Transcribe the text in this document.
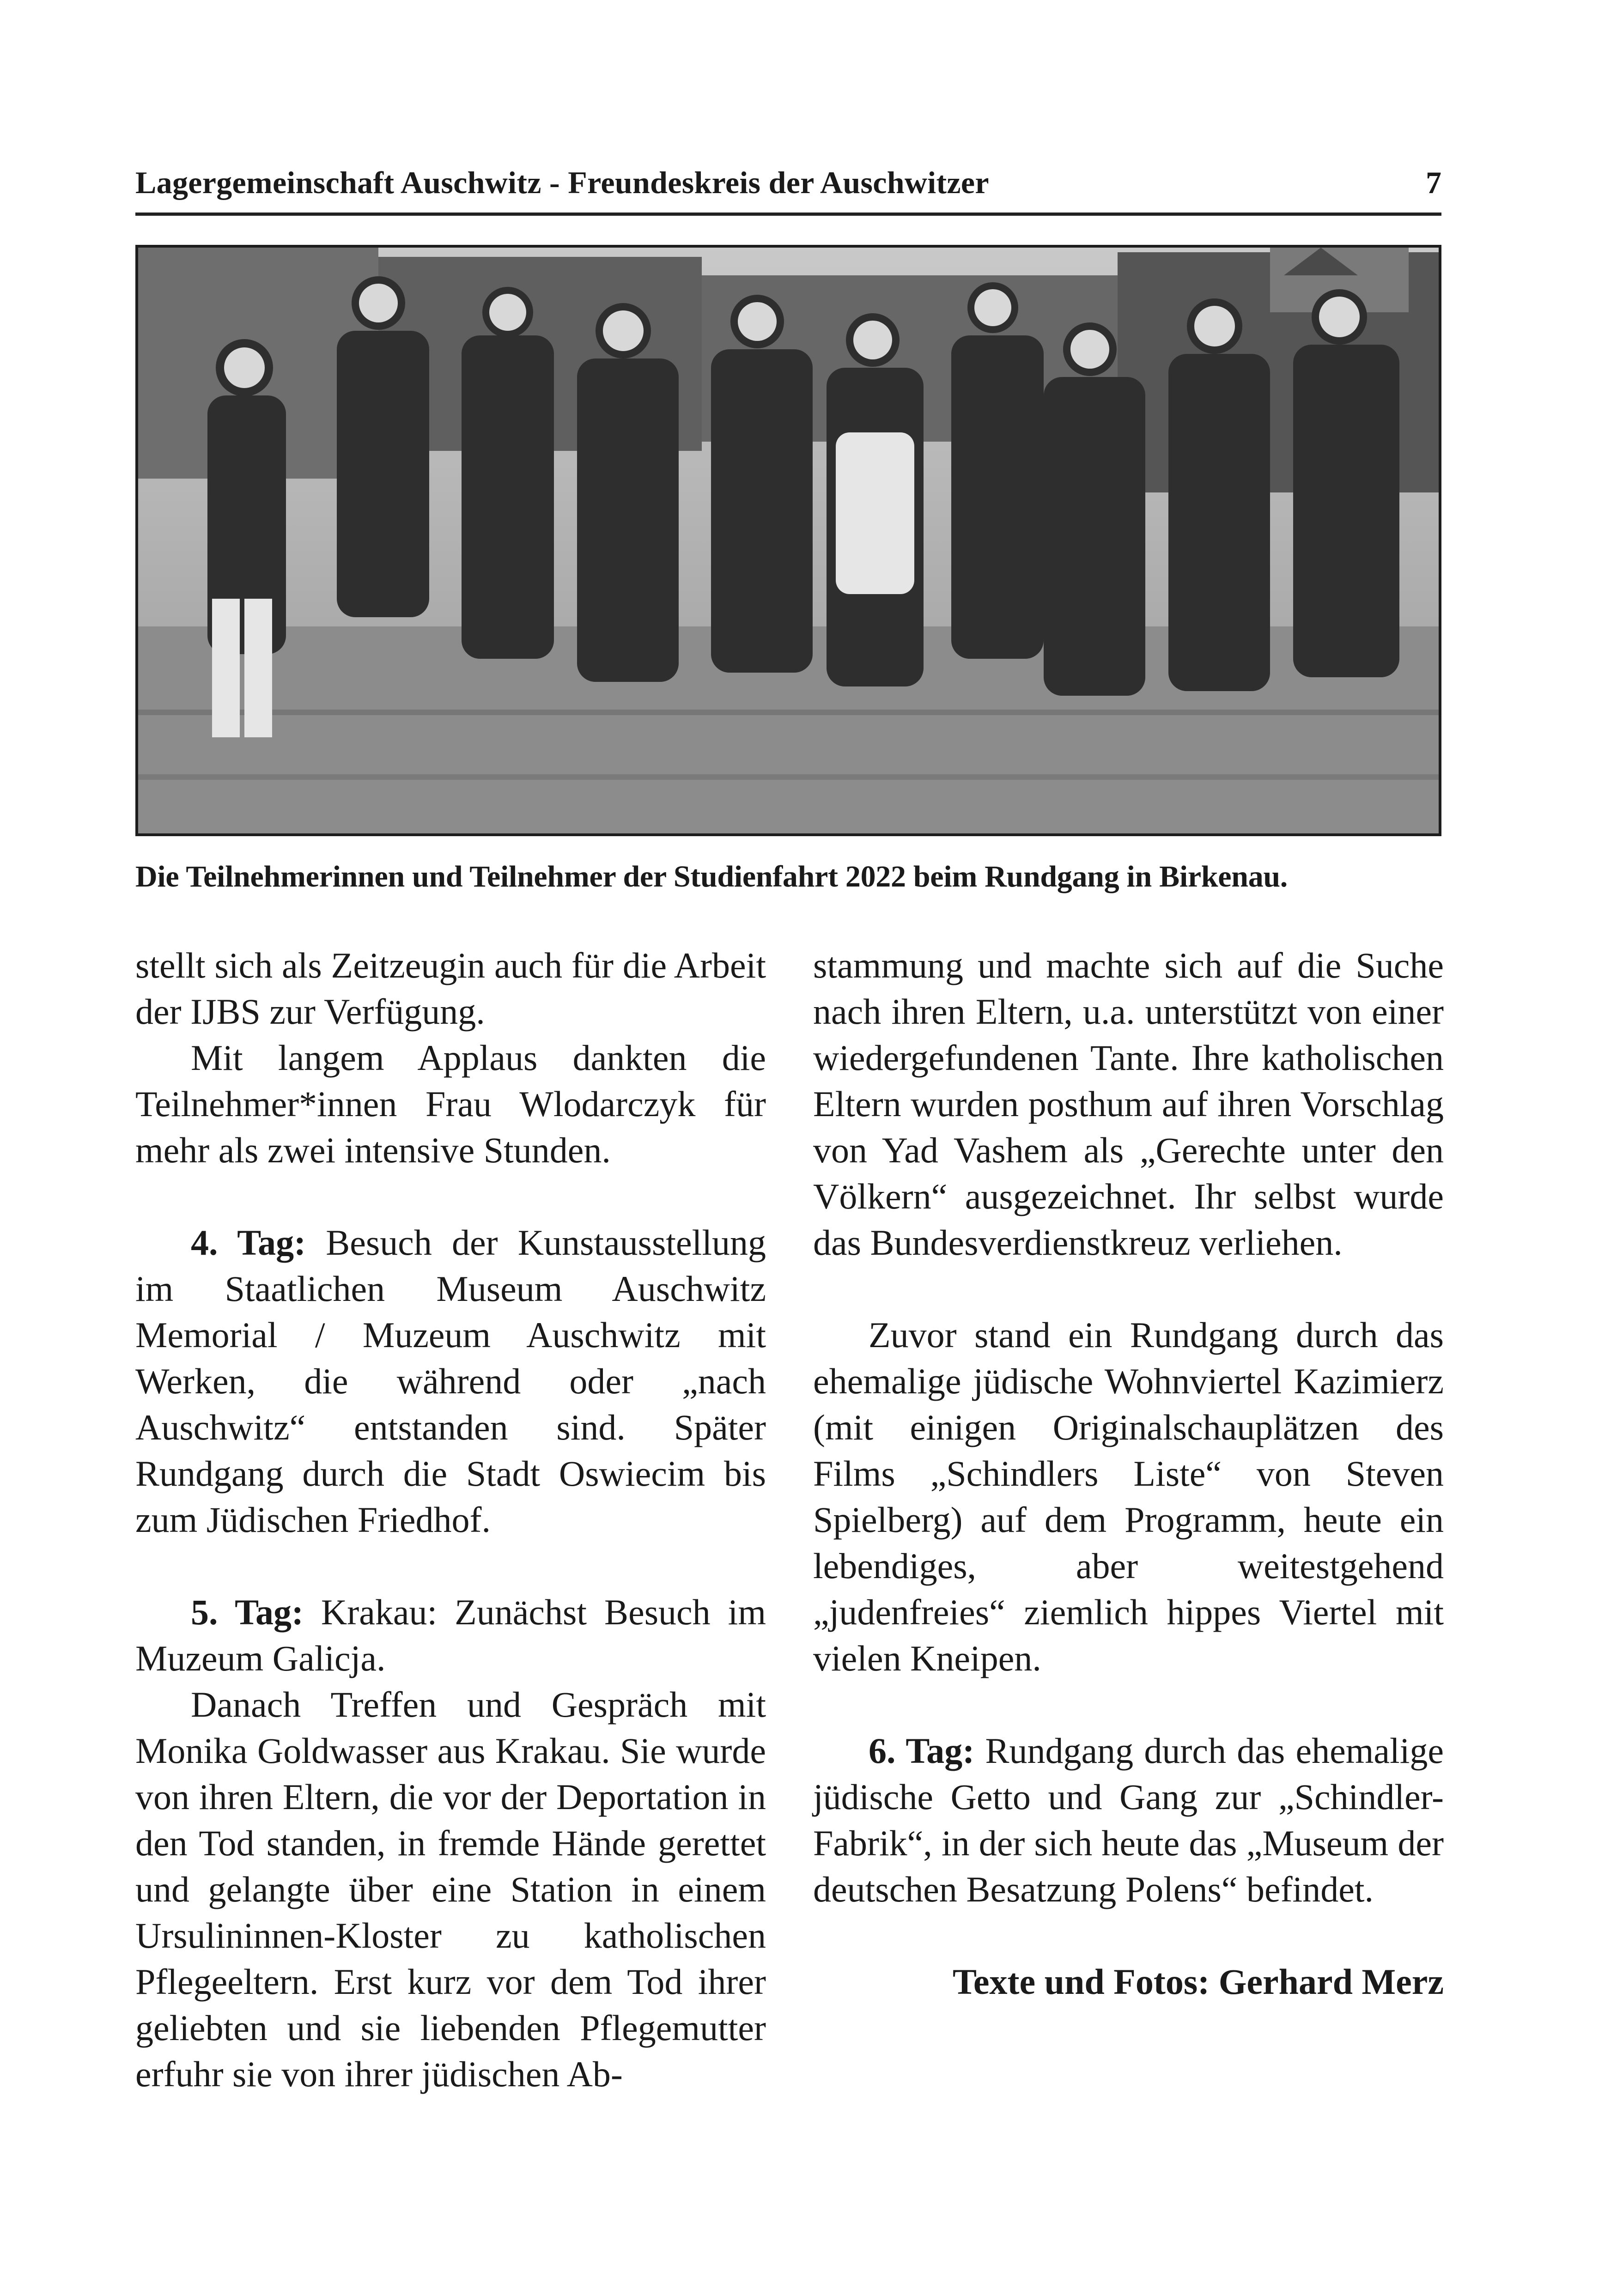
Lagergemeinschaft Auschwitz - Freundeskreis der Auschwitzer	7
Die Teilnehmerinnen und Teilnehmer der Studienfahrt 2022 beim Rundgang in Birkenau.

stellt sich als Zeitzeugin auch für die Arbeit der IJBS zur Verfügung.

Mit langem Applaus dankten die Teilnehmer*innen Frau Wlodarczyk für mehr als zwei intensive Stunden.

4. Tag: Besuch der Kunstausstellung im Staatlichen Museum Auschwitz Memorial / Muzeum Auschwitz mit Werken, die während oder „nach Auschwitz“ entstanden sind. Später Rundgang durch die Stadt Oswiecim bis zum Jüdischen Friedhof.

5. Tag: Krakau: Zunächst Besuch im Muzeum Galicja.

Danach Treffen und Gespräch mit Monika Goldwasser aus Krakau. Sie wurde von ihren Eltern, die vor der Deportation in den Tod standen, in fremde Hände gerettet und gelangte über eine Station in einem Ursulininnen-Kloster zu katholischen Pflegeeltern. Erst kurz vor dem Tod ihrer geliebten und sie liebenden Pflegemutter erfuhr sie von ihrer jüdischen Ab-

stammung und machte sich auf die Suche nach ihren Eltern, u.a. unterstützt von einer wiedergefundenen Tante. Ihre katholischen Eltern wurden posthum auf ihren Vorschlag von Yad Vashem als „Gerechte unter den Völkern“ ausgezeichnet. Ihr selbst wurde das Bundesverdienstkreuz verliehen.

Zuvor stand ein Rundgang durch das ehemalige jüdische Wohnviertel Kazimierz (mit einigen Originalschauplätzen des Films „Schindlers Liste“ von Steven Spielberg) auf dem Programm, heute ein lebendiges, aber weitestgehend „judenfreies“ ziemlich hippes Viertel mit vielen Kneipen.

6. Tag: Rundgang durch das ehemalige jüdische Getto und Gang zur „Schindler-Fabrik“, in der sich heute das „Museum der deutschen Besatzung Polens“ befindet.

Texte und Fotos: Gerhard Merz
